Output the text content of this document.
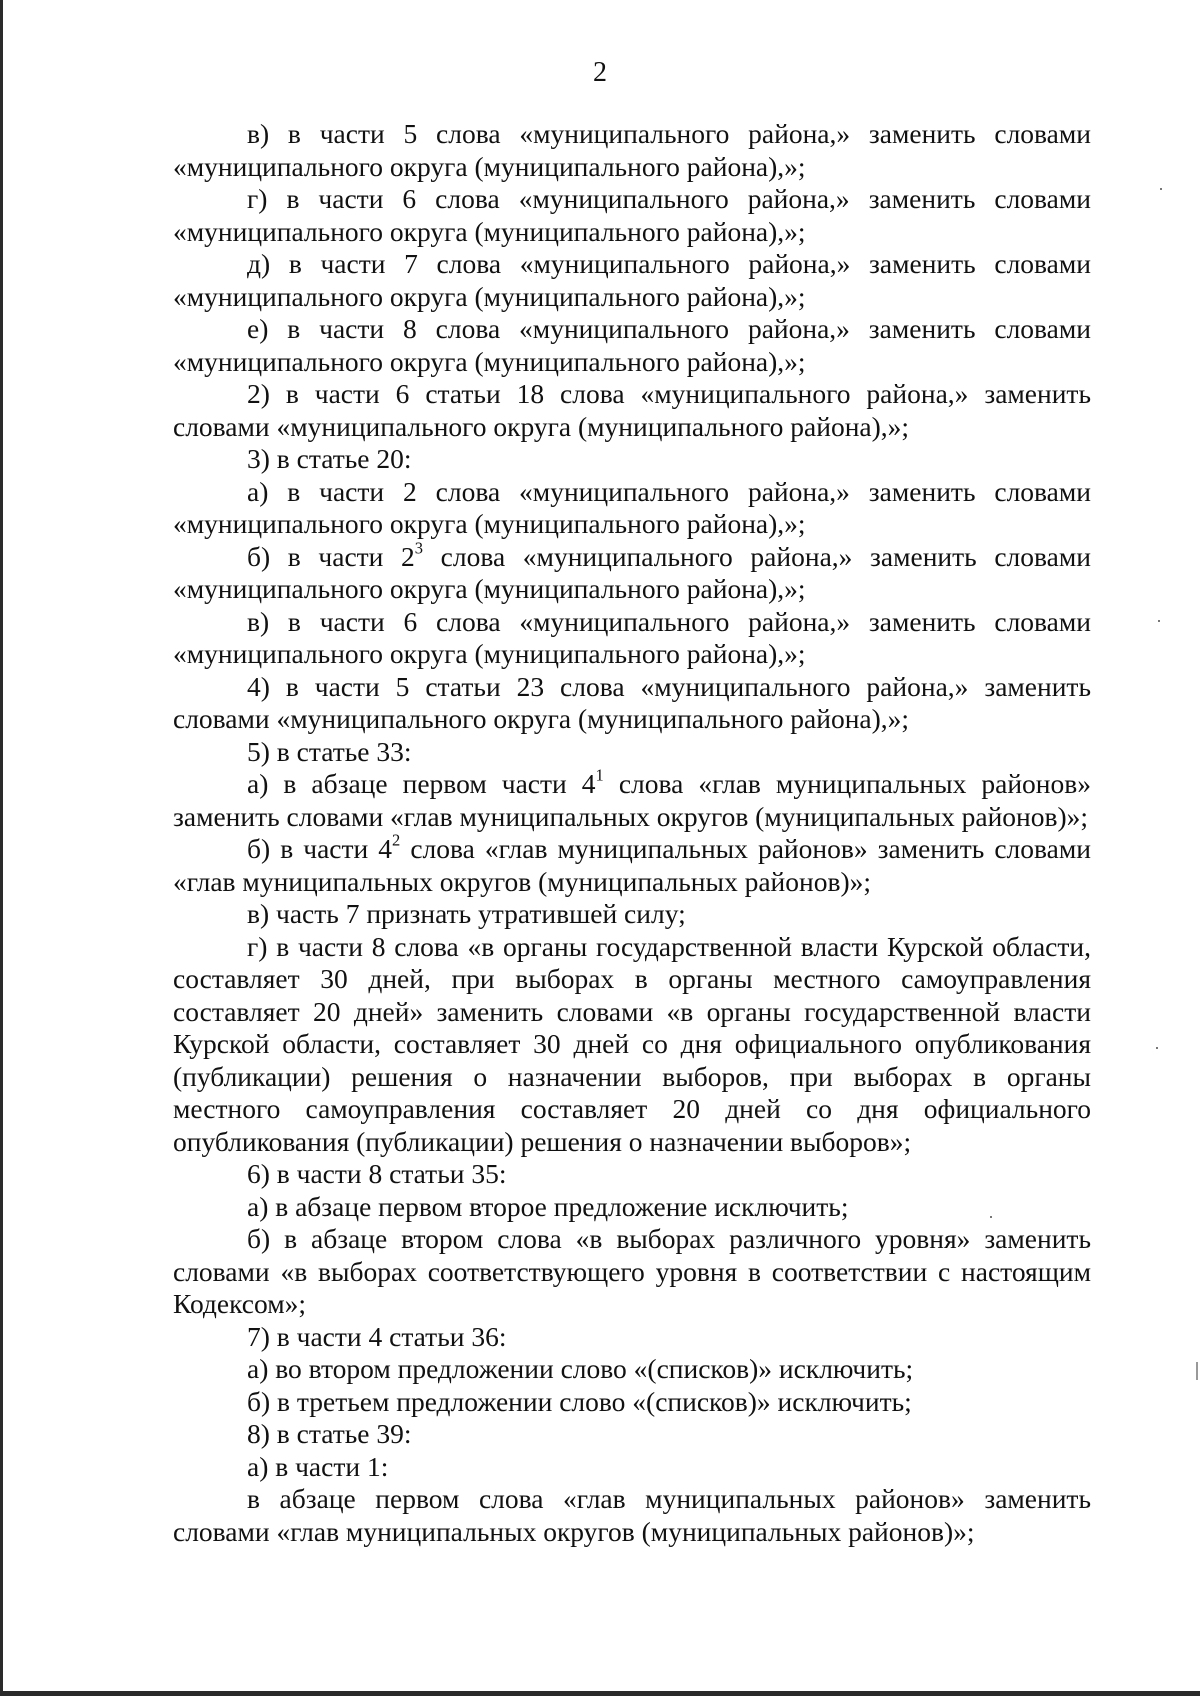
2

в) в части 5 слова «муниципального района,» заменить словами «муниципального округа (муниципального района),»;

г) в части 6 слова «муниципального района,» заменить словами «муниципального округа (муниципального района),»;

д) в части 7 слова «муниципального района,» заменить словами «муниципального округа (муниципального района),»;

е) в части 8 слова «муниципального района,» заменить словами «муниципального округа (муниципального района),»;

2) в части 6 статьи 18 слова «муниципального района,» заменить словами «муниципального округа (муниципального района),»;

3) в статье 20:

а) в части 2 слова «муниципального района,» заменить словами «муниципального округа (муниципального района),»;

б) в части $2^3$ слова «муниципального района,» заменить словами «муниципального округа (муниципального района),»;

в) в части 6 слова «муниципального района,» заменить словами «муниципального округа (муниципального района),»;

4) в части 5 статьи 23 слова «муниципального района,» заменить словами «муниципального округа (муниципального района),»;

5) в статье 33:

а) в абзаце первом части $4^1$ слова «глав муниципальных районов» заменить словами «глав муниципальных округов (муниципальных районов)»;

б) в части $4^2$ слова «глав муниципальных районов» заменить словами «глав муниципальных округов (муниципальных районов)»;

в) часть 7 признать утратившей силу;

г) в части 8 слова «в органы государственной власти Курской области, составляет 30 дней, при выборах в органы местного самоуправления составляет 20 дней» заменить словами «в органы государственной власти Курской области, составляет 30 дней со дня официального опубликования (публикации) решения о назначении выборов, при выборах в органы местного самоуправления составляет 20 дней со дня официального опубликования (публикации) решения о назначении выборов»;

6) в части 8 статьи 35:

а) в абзаце первом второе предложение исключить;

б) в абзаце втором слова «в выборах различного уровня» заменить словами «в выборах соответствующего уровня в соответствии с настоящим Кодексом»;

7) в части 4 статьи 36:

а) во втором предложении слово «(списков)» исключить;

б) в третьем предложении слово «(списков)» исключить;

8) в статье 39:

а) в части 1:

в абзаце первом слова «глав муниципальных районов» заменить словами «глав муниципальных округов (муниципальных районов)»;
